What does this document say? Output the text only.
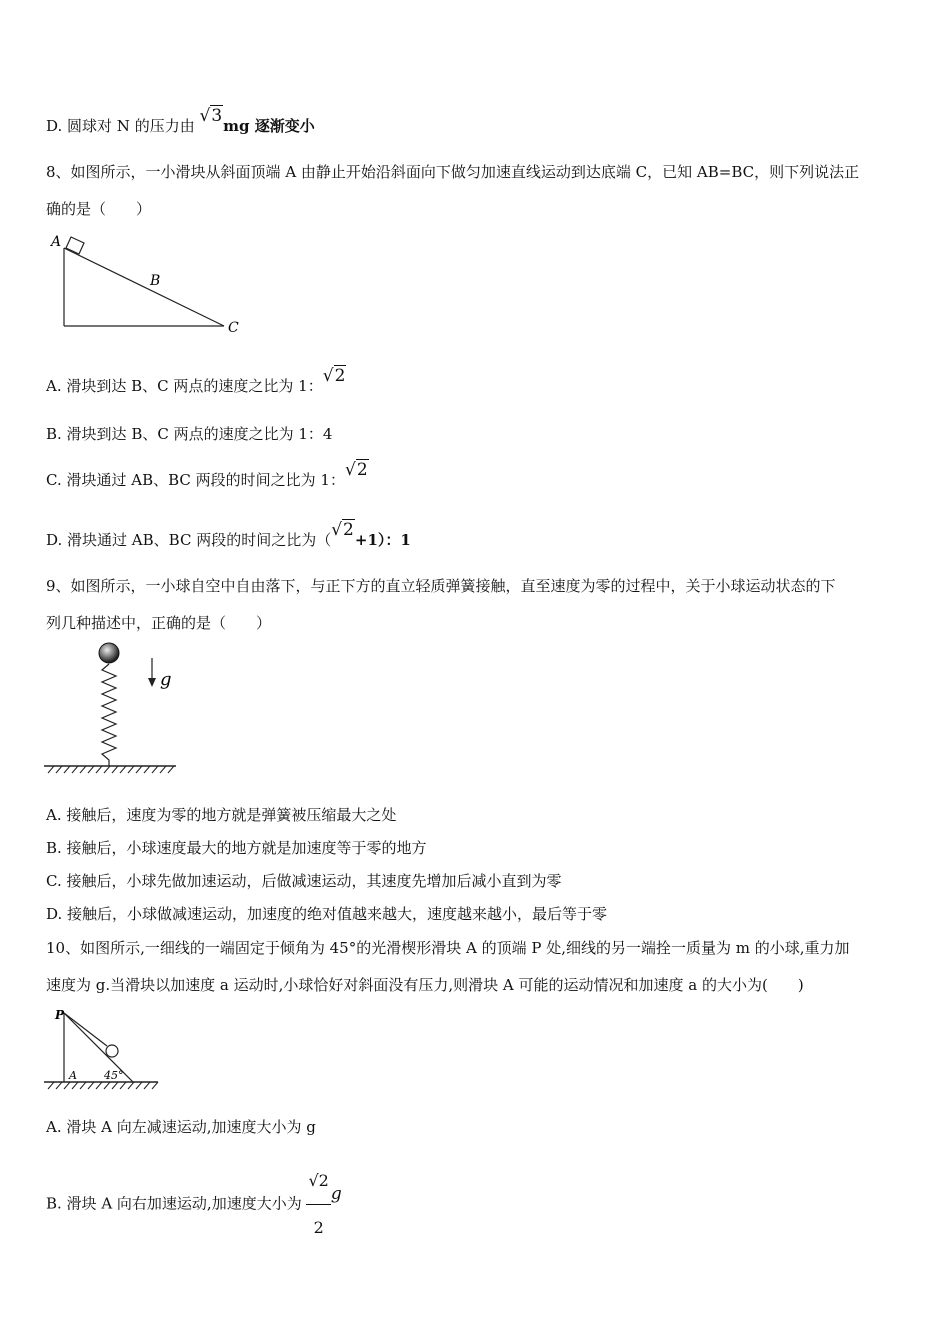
D. 圆球对 N 的压力由 √3mg 逐渐变小
8、如图所示，一小滑块从斜面顶端 A 由静止开始沿斜面向下做匀加速直线运动到达底端 C，已知 AB=BC，则下列说法正
确的是（　　）
A
B
C
A. 滑块到达 B、C 两点的速度之比为 1：√2
B. 滑块到达 B、C 两点的速度之比为 1：4
C. 滑块通过 AB、BC 两段的时间之比为 1：√2
D. 滑块通过 AB、BC 两段的时间之比为（√2+1）：1
9、如图所示，一小球自空中自由落下，与正下方的直立轻质弹簧接触，直至速度为零的过程中，关于小球运动状态的下
列几种描述中，正确的是（　　）
g
A. 接触后，速度为零的地方就是弹簧被压缩最大之处
B. 接触后，小球速度最大的地方就是加速度等于零的地方
C. 接触后，小球先做加速运动，后做减速运动，其速度先增加后减小直到为零
D. 接触后，小球做减速运动，加速度的绝对值越来越大，速度越来越小，最后等于零
10、如图所示,一细线的一端固定于倾角为 45°的光滑楔形滑块 A 的顶端 P 处,细线的另一端拴一质量为 m 的小球,重力加
速度为 g.当滑块以加速度 a 运动时,小球恰好对斜面没有压力,则滑块 A 可能的运动情况和加速度 a 的大小为(　　)
P
A 45°
A. 滑块 A 向左减速运动,加速度大小为 g
B. 滑块 A 向右加速运动,加速度大小为 $\frac{√2}{2}$ g
